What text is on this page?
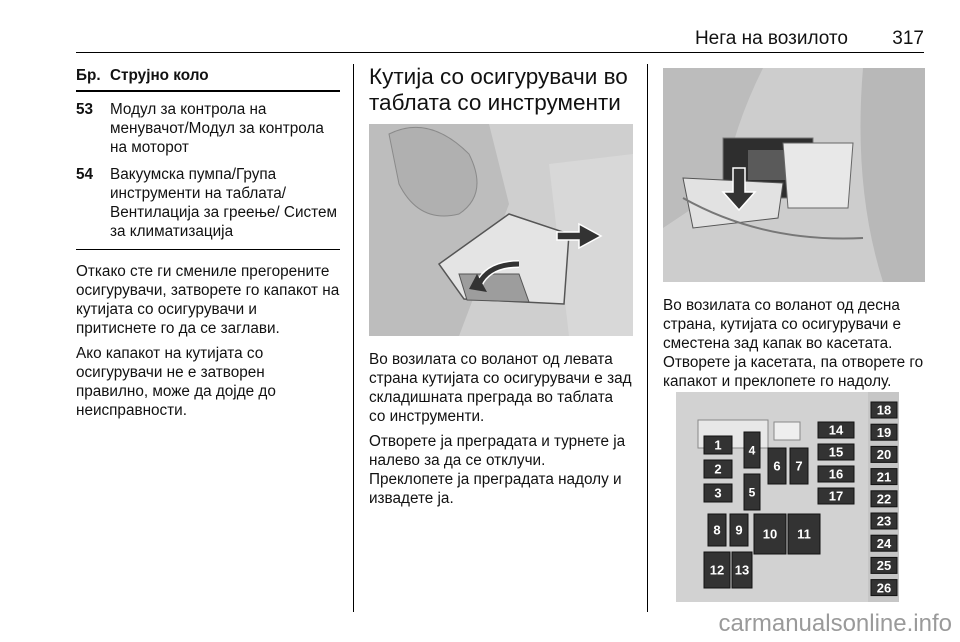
Нега на возилото 317
Бр. Струјно коло
53	Модул за контрола на менувачот/Модул за контрола на моторот
54	Вакуумска пумпа/Група инструменти на таблата/ Вентилација за греење/ Систем за климатизација

Откако сте ги смениле прегорените осигурувачи, затворете го капакот на кутијата со осигурувачи и притиснете го да се заглави.

Ако капакот на кутијата со осигурувачи не е затворен правилно, може да дојде до неисправности.

Кутија со осигурувачи во таблата со инструменти

Во возилата со воланот од левата страна кутијата со осигурувачи е зад складишната преграда во таблата со инструменти.

Отворете ја преградата и турнете ја налево за да се отклучи. Преклопете ја преградата надолу и извадете ја.

Во возилата со воланот од десна страна, кутијата со осигурувачи е сместена зад капак во касетата. Отворете ја касетата, па отворете го капакот и преклопете го надолу.

18
19
20
21
22
23
24
25
26
14
15
16
17
1
2
3
4
5
6 7
8 9 10 11
12 13
carmanualsonline.info
